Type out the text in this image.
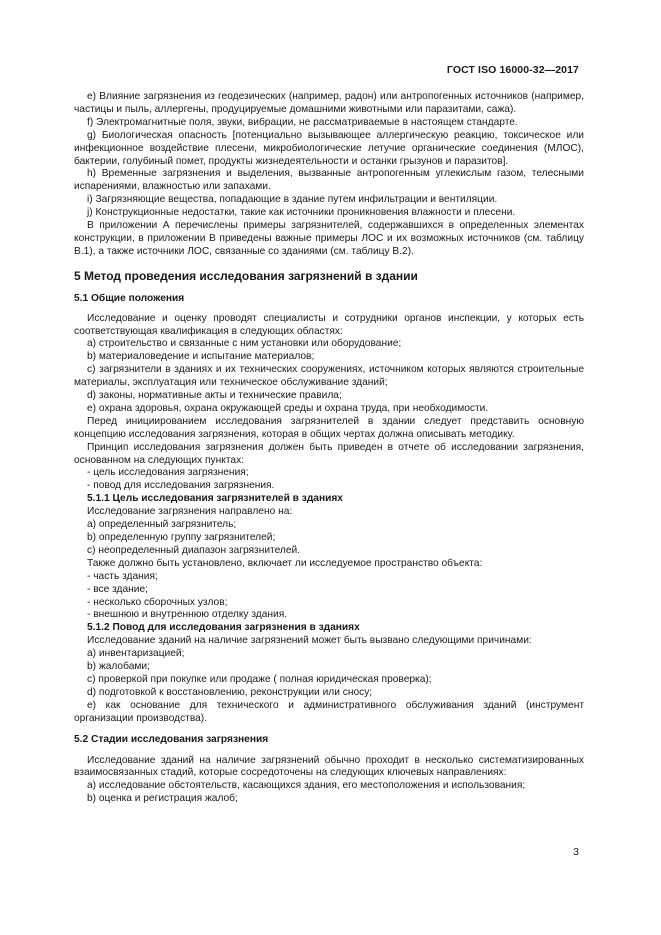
ГОСТ ISO 16000-32—2017

e) Влияние загрязнения из геодезических (например, радон) или антропогенных источников (например, частицы и пыль, аллергены, продуцируемые домашними животными или паразитами, сажа).

f) Электромагнитные поля, звуки, вибрации, не рассматриваемые в настоящем стандарте.

g) Биологическая опасность [потенциально вызывающее аллергическую реакцию, токсическое или инфекционное воздействие плесени, микробиологические летучие органические соединения (МЛОС), бактерии, голубиный помет, продукты жизнедеятельности и останки грызунов и паразитов].

h) Временные загрязнения и выделения, вызванные антропогенным углекислым газом, телесными испарениями, влажностью или запахами.

i) Загрязняющие вещества, попадающие в здание путем инфильтрации и вентиляции.

j) Конструкционные недостатки, такие как источники проникновения влажности и плесени.

В приложении А перечислены примеры загрязнителей, содержавшихся в определенных элементах конструкции, в приложении В приведены важные примеры ЛОС и их возможных источников (см. таблицу В.1), а также источники ЛОС, связанные со зданиями (см. таблицу В.2).

5 Метод проведения исследования загрязнений в здании

5.1 Общие положения

Исследование и оценку проводят специалисты и сотрудники органов инспекции, у которых есть соответствующая квалификация в следующих областях:

a) строительство и связанные с ним установки или оборудование;

b) материаловедение и испытание материалов;

c) загрязнители в зданиях и их технических сооружениях, источником которых являются строительные материалы, эксплуатация или техническое обслуживание зданий;

d) законы, нормативные акты и технические правила;

e) охрана здоровья, охрана окружающей среды и охрана труда, при необходимости.

Перед инициированием исследования загрязнителей в здании следует представить основную концепцию исследования загрязнения, которая в общих чертах должна описывать методику.

Принцип исследования загрязнения должен быть приведен в отчете об исследовании загрязнения, основанном на следующих пунктах:

- цель исследования загрязнения;

- повод для исследования загрязнения.

5.1.1 Цель исследования загрязнителей в зданиях

Исследование загрязнения направлено на:

a) определенный загрязнитель;

b) определенную группу загрязнителей;

c) неопределенный диапазон загрязнителей.

Также должно быть установлено, включает ли исследуемое пространство объекта:

- часть здания;

- все здание;

- несколько сборочных узлов;

- внешнюю и внутреннюю отделку здания.

5.1.2 Повод для исследования загрязнения в зданиях

Исследование зданий на наличие загрязнений может быть вызвано следующими причинами:

a) инвентаризацией;

b) жалобами;

c) проверкой при покупке или продаже ( полная юридическая проверка);

d) подготовкой к восстановлению, реконструкции или сносу;

e) как основание для технического и административного обслуживания зданий (инструмент организации производства).

5.2 Стадии исследования загрязнения

Исследование зданий на наличие загрязнений обычно проходит в несколько систематизированных взаимосвязанных стадий, которые сосредоточены на следующих ключевых направлениях:

a) исследование обстоятельств, касающихся здания, его местоположения и использования;

b) оценка и регистрация жалоб;

3
